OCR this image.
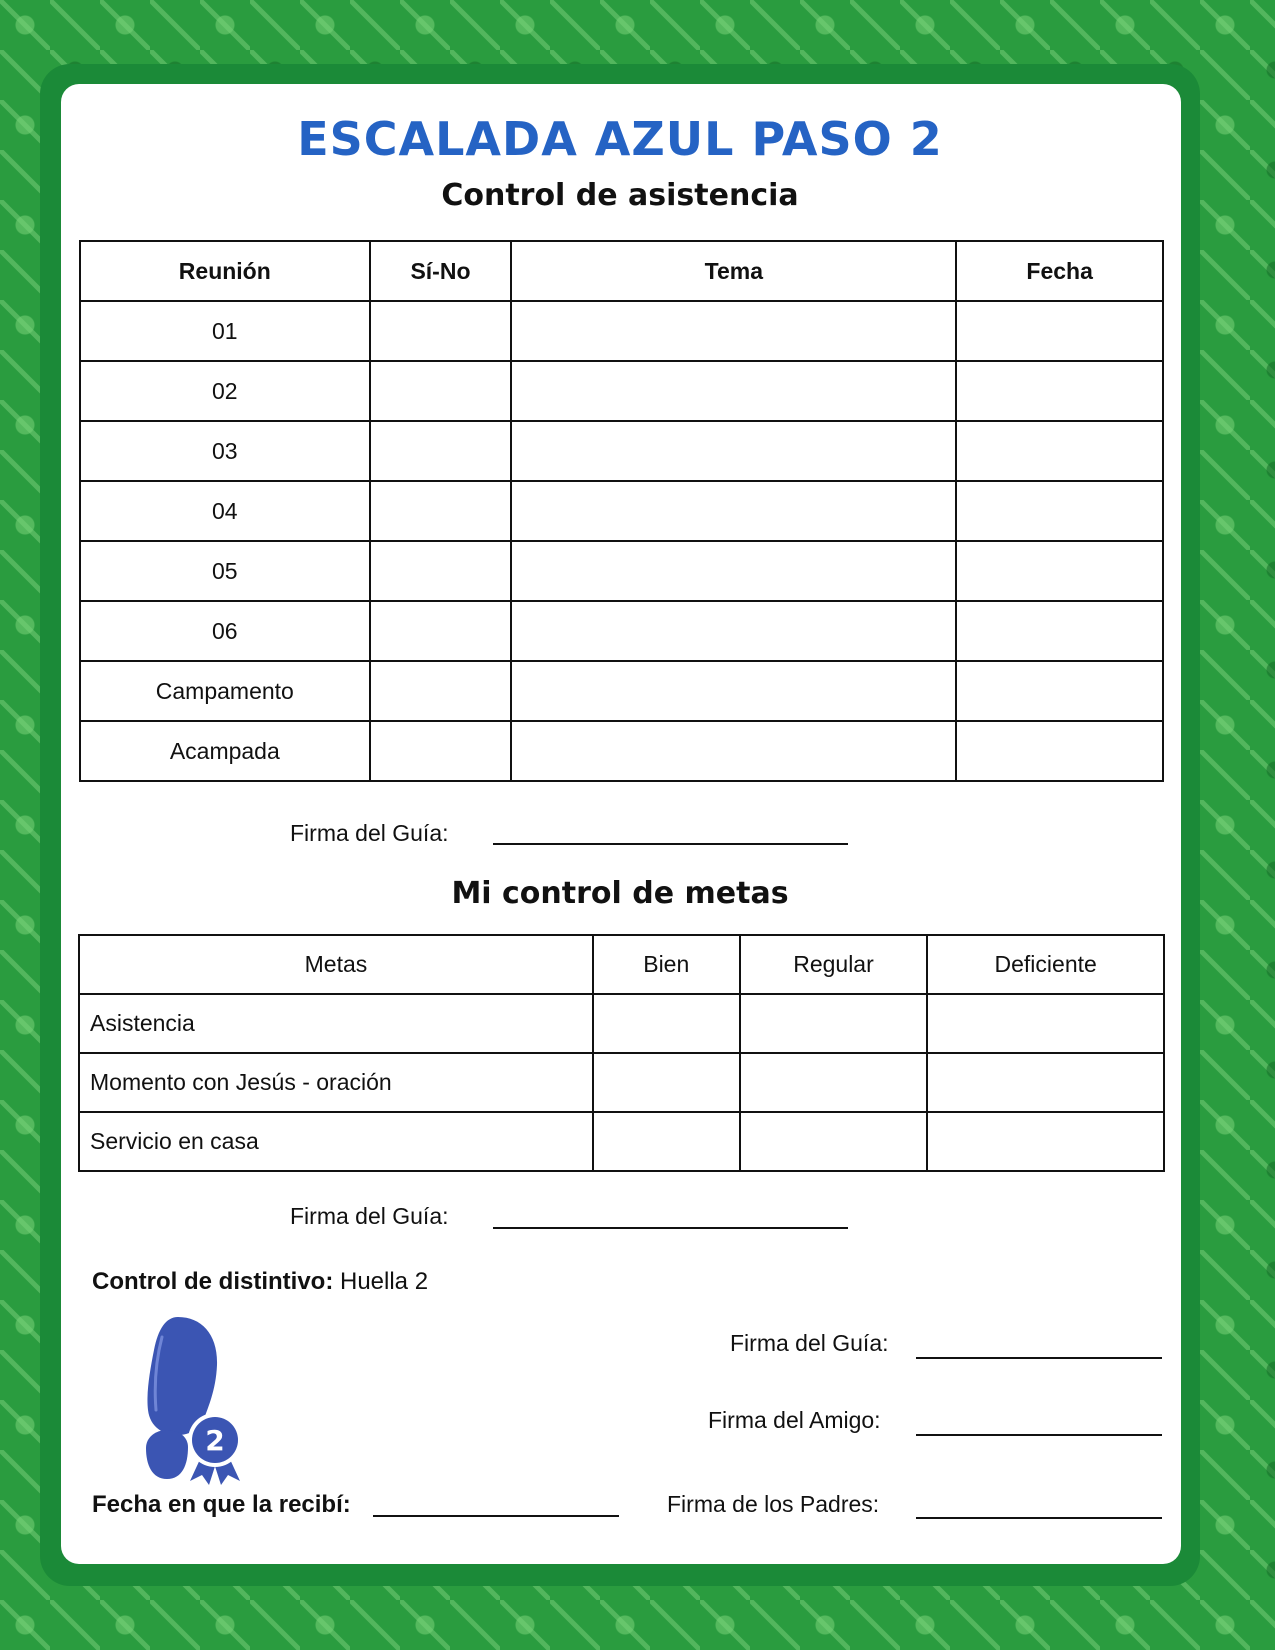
ESCALADA AZUL PASO 2
Control de asistencia
Reunión	Sí-No	Tema	Fecha
01			
02			
03			
04			
05			
06			
Campamento			
Acampada			
Firma del Guía:
Mi control de metas
Metas	Bien	Regular	Deficiente
Asistencia			
Momento con Jesús - oración			
Servicio en casa			
Firma del Guía:
Control de distintivo: Huella 2
2
Firma del Guía:
Firma del Amigo:
Fecha en que la recibí:	Firma de los Padres:
